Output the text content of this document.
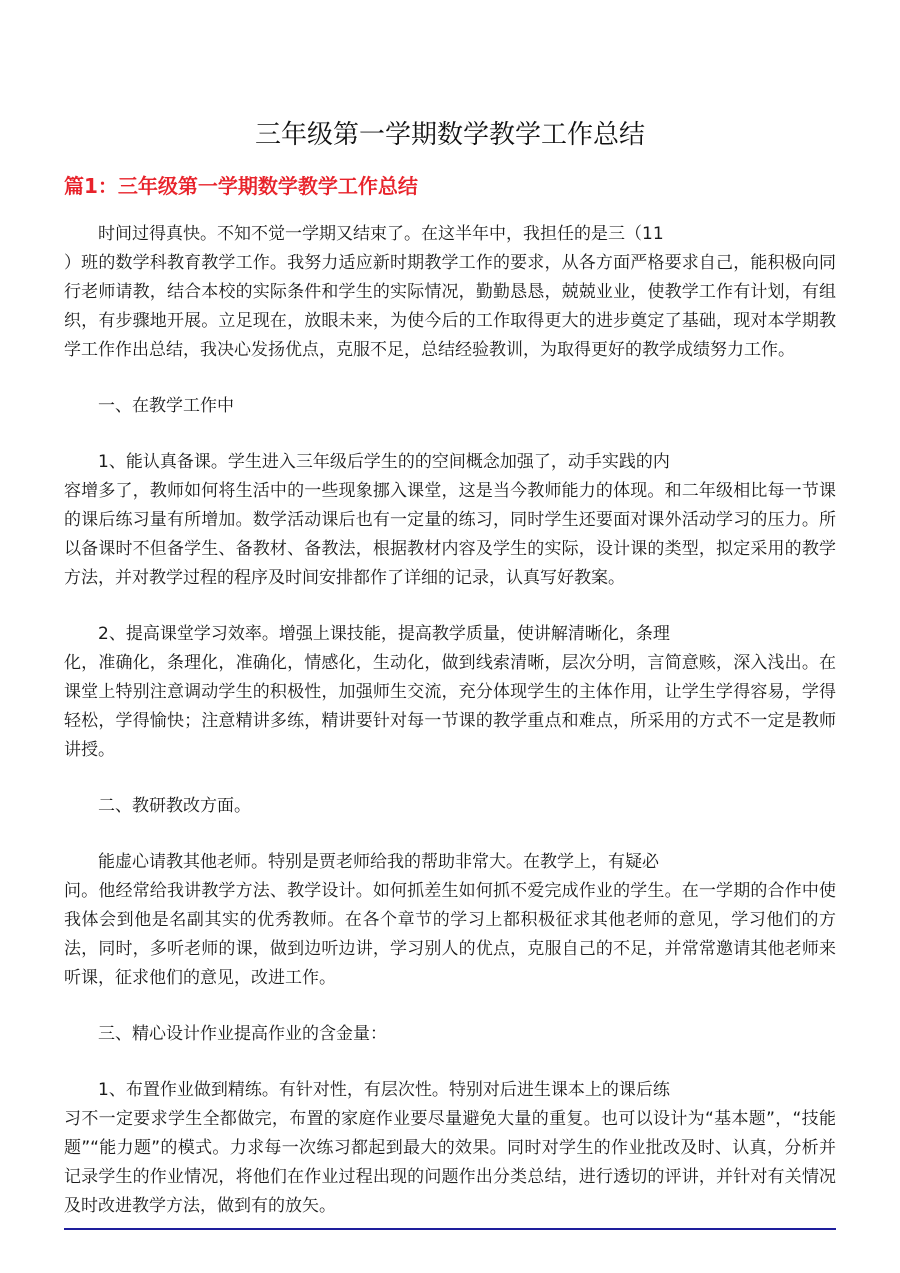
三年级第一学期数学教学工作总结
篇1：三年级第一学期数学教学工作总结

时间过得真快。不知不觉一学期又结束了。在这半年中，我担任的是三（11
）班的数学科教育教学工作。我努力适应新时期教学工作的要求，从各方面严格要求自己，能积极向同行老师请教，结合本校的实际条件和学生的实际情况，勤勤恳恳，兢兢业业，使教学工作有计划，有组织，有步骤地开展。立足现在，放眼未来，为使今后的工作取得更大的进步奠定了基础，现对本学期教学工作作出总结，我决心发扬优点，克服不足，总结经验教训，为取得更好的教学成绩努力工作。

一、在教学工作中

1、能认真备课。学生进入三年级后学生的的空间概念加强了，动手实践的内
容增多了，教师如何将生活中的一些现象挪入课堂，这是当今教师能力的体现。和二年级相比每一节课的课后练习量有所增加。数学活动课后也有一定量的练习，同时学生还要面对课外活动学习的压力。所以备课时不但备学生、备教材、备教法，根据教材内容及学生的实际，设计课的类型，拟定采用的教学方法，并对教学过程的程序及时间安排都作了详细的记录，认真写好教案。

2、提高课堂学习效率。增强上课技能，提高教学质量，使讲解清晰化，条理
化，准确化，条理化，准确化，情感化，生动化，做到线索清晰，层次分明，言简意赅，深入浅出。在课堂上特别注意调动学生的积极性，加强师生交流，充分体现学生的主体作用，让学生学得容易，学得轻松，学得愉快；注意精讲多练，精讲要针对每一节课的教学重点和难点，所采用的方式不一定是教师讲授。

二、教研教改方面。

能虚心请教其他老师。特别是贾老师给我的帮助非常大。在教学上，有疑必
问。他经常给我讲教学方法、教学设计。如何抓差生如何抓不爱完成作业的学生。在一学期的合作中使我体会到他是名副其实的优秀教师。在各个章节的学习上都积极征求其他老师的意见，学习他们的方法，同时，多听老师的课，做到边听边讲，学习别人的优点，克服自己的不足，并常常邀请其他老师来听课，征求他们的意见，改进工作。

三、精心设计作业提高作业的含金量：

1、布置作业做到精练。有针对性，有层次性。特别对后进生课本上的课后练
习不一定要求学生全都做完，布置的家庭作业要尽量避免大量的重复。也可以设计为“基本题”，“技能题”“能力题”的模式。力求每一次练习都起到最大的效果。同时对学生的作业批改及时、认真，分析并记录学生的作业情况，将他们在作业过程出现的问题作出分类总结，进行透切的评讲，并针对有关情况及时改进教学方法，做到有的放矢。
